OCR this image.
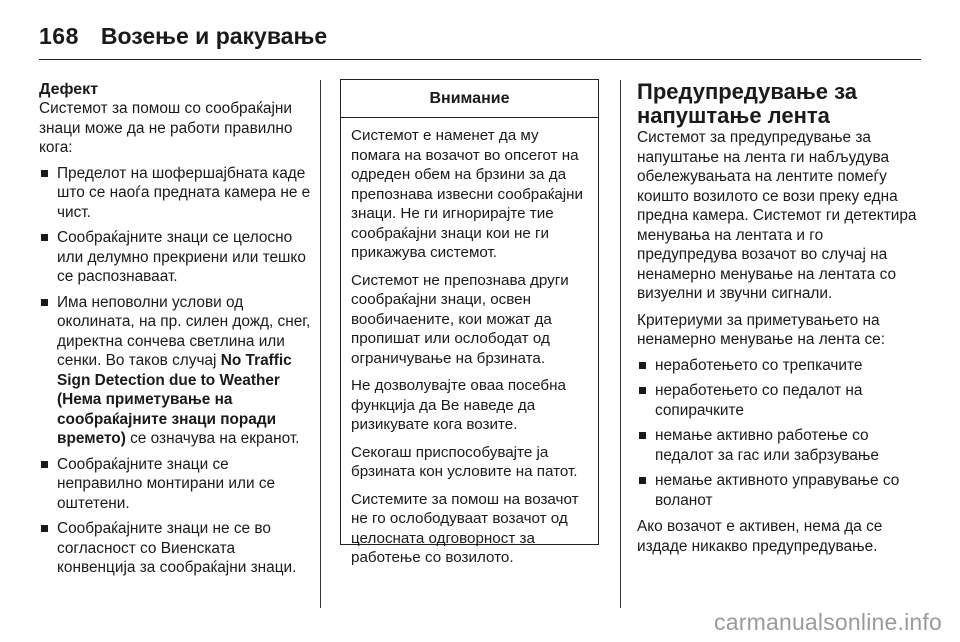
168 Возење и ракување

Дефект

Системот за помош со сообраќајни знаци може да не работи правилно кога:

Пределот на шофершајбната каде што се наоѓа предната камера не е чист.
Сообраќајните знаци се целосно или делумно прекриени или тешко се распознаваат.
Има неповолни услови од околината, на пр. силен дожд, снег, директна сончева светлина или сенки. Во таков случај No Traffic Sign Detection due to Weather (Нема приметување на сообраќајните знаци поради времето) се означува на екранот.
Сообраќајните знаци се неправилно монтирани или се оштетени.
Сообраќајните знаци не се во согласност со Виенската конвенција за сообраќајни знаци.
Внимание

Системот е наменет да му помага на возачот во опсегот на одреден обем на брзини за да препознава извесни сообраќајни знаци. Не ги игнорирајте тие сообраќајни знаци кои не ги прикажува системот.

Системот не препознава други сообраќајни знаци, освен вообичаените, кои можат да пропишат или ослободат од ограничување на брзината.

Не дозволувајте оваа посебна функција да Ве наведе да ризикувате кога возите.

Секогаш приспособувајте ја брзината кон условите на патот.

Системите за помош на возачот не го ослободуваат возачот од целосната одговорност за работење со возилото.

Предупредување за напуштање лента

Системот за предупредување за напуштање на лента ги набљудува обележувањата на лентите помеѓу коишто возилото се вози преку една предна камера. Системот ги детектира менувања на лентата и го предупредува возачот во случај на ненамерно менување на лентата со визуелни и звучни сигнали.

Критериуми за приметувањето на ненамерно менување на лента се:

неработењето со трепкачите
неработењето со педалот на сопирачките
немање активно работење со педалот за гас или забрзување
немање активното управување со воланот

Ако возачот е активен, нема да се издаде никакво предупредување.

carmanualsonline.info
